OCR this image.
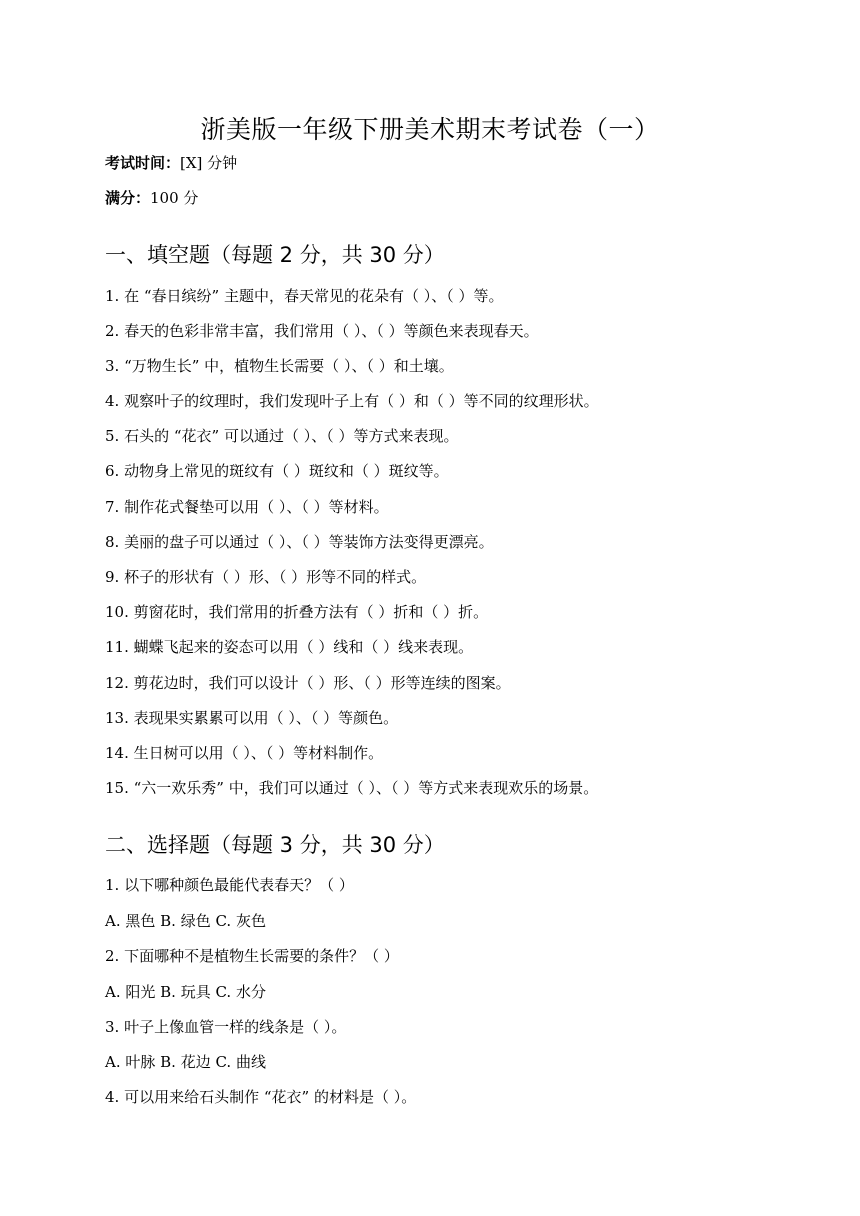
浙美版一年级下册美术期末考试卷（一）
考试时间：[X] 分钟
满分：100 分
一、填空题（每题 2 分，共 30 分）
1. 在 “春日缤纷” 主题中，春天常见的花朵有（ ）、（ ）等。
2. 春天的色彩非常丰富，我们常用（ ）、（ ）等颜色来表现春天。
3. “万物生长” 中，植物生长需要（ ）、（ ）和土壤。
4. 观察叶子的纹理时，我们发现叶子上有（ ）和（ ）等不同的纹理形状。
5. 石头的 “花衣” 可以通过（ ）、（ ）等方式来表现。
6. 动物身上常见的斑纹有（ ）斑纹和（ ）斑纹等。
7. 制作花式餐垫可以用（ ）、（ ）等材料。
8. 美丽的盘子可以通过（ ）、（ ）等装饰方法变得更漂亮。
9. 杯子的形状有（ ）形、（ ）形等不同的样式。
10. 剪窗花时，我们常用的折叠方法有（ ）折和（ ）折。
11. 蝴蝶飞起来的姿态可以用（ ）线和（ ）线来表现。
12. 剪花边时，我们可以设计（ ）形、（ ）形等连续的图案。
13. 表现果实累累可以用（ ）、（ ）等颜色。
14. 生日树可以用（ ）、（ ）等材料制作。
15. “六一欢乐秀” 中，我们可以通过（ ）、（ ）等方式来表现欢乐的场景。
二、选择题（每题 3 分，共 30 分）
1. 以下哪种颜色最能代表春天？（ ）
A. 黑色 B. 绿色 C. 灰色
2. 下面哪种不是植物生长需要的条件？（ ）
A. 阳光 B. 玩具 C. 水分
3. 叶子上像血管一样的线条是（ ）。
A. 叶脉 B. 花边 C. 曲线
4. 可以用来给石头制作 “花衣” 的材料是（ ）。
